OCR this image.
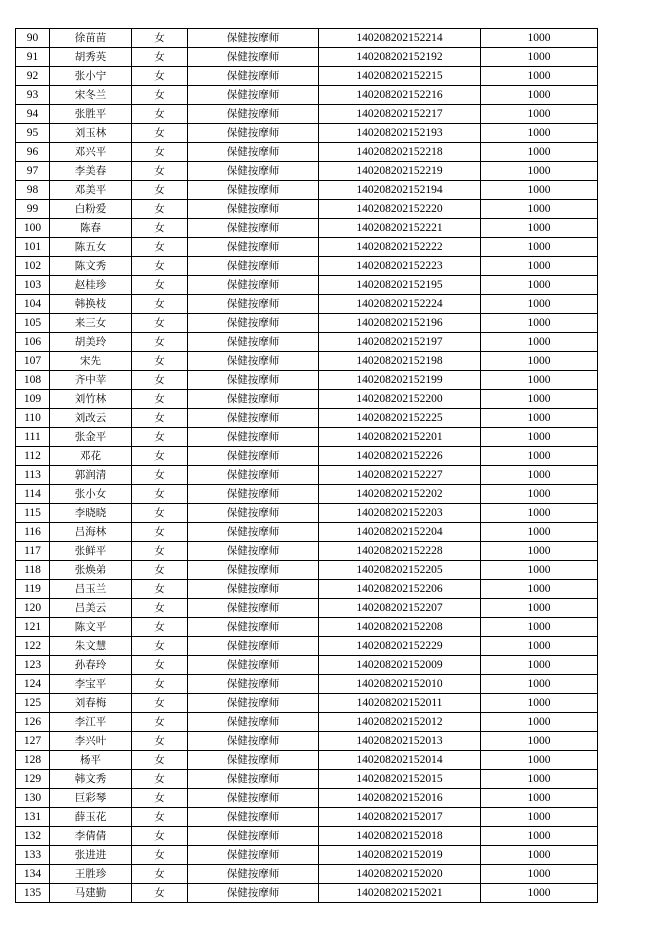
90	徐苗苗	女	保健按摩师	140208202152214	1000
91	胡秀英	女	保健按摩师	140208202152192	1000
92	张小宁	女	保健按摩师	140208202152215	1000
93	宋冬兰	女	保健按摩师	140208202152216	1000
94	张胜平	女	保健按摩师	140208202152217	1000
95	刘玉林	女	保健按摩师	140208202152193	1000
96	邓兴平	女	保健按摩师	140208202152218	1000
97	李美春	女	保健按摩师	140208202152219	1000
98	邓美平	女	保健按摩师	140208202152194	1000
99	白粉爱	女	保健按摩师	140208202152220	1000
100	陈春	女	保健按摩师	140208202152221	1000
101	陈五女	女	保健按摩师	140208202152222	1000
102	陈文秀	女	保健按摩师	140208202152223	1000
103	赵桂珍	女	保健按摩师	140208202152195	1000
104	韩换枝	女	保健按摩师	140208202152224	1000
105	来三女	女	保健按摩师	140208202152196	1000
106	胡美玲	女	保健按摩师	140208202152197	1000
107	宋先	女	保健按摩师	140208202152198	1000
108	齐中苹	女	保健按摩师	140208202152199	1000
109	刘竹林	女	保健按摩师	140208202152200	1000
110	刘改云	女	保健按摩师	140208202152225	1000
111	张金平	女	保健按摩师	140208202152201	1000
112	邓花	女	保健按摩师	140208202152226	1000
113	郭润清	女	保健按摩师	140208202152227	1000
114	张小女	女	保健按摩师	140208202152202	1000
115	李晓晓	女	保健按摩师	140208202152203	1000
116	吕海林	女	保健按摩师	140208202152204	1000
117	张鲜平	女	保健按摩师	140208202152228	1000
118	张焕弟	女	保健按摩师	140208202152205	1000
119	吕玉兰	女	保健按摩师	140208202152206	1000
120	吕美云	女	保健按摩师	140208202152207	1000
121	陈文平	女	保健按摩师	140208202152208	1000
122	朱文慧	女	保健按摩师	140208202152229	1000
123	孙春玲	女	保健按摩师	140208202152009	1000
124	李宝平	女	保健按摩师	140208202152010	1000
125	刘春梅	女	保健按摩师	140208202152011	1000
126	李江平	女	保健按摩师	140208202152012	1000
127	李兴叶	女	保健按摩师	140208202152013	1000
128	杨平	女	保健按摩师	140208202152014	1000
129	韩文秀	女	保健按摩师	140208202152015	1000
130	巨彩琴	女	保健按摩师	140208202152016	1000
131	薛玉花	女	保健按摩师	140208202152017	1000
132	李倩倩	女	保健按摩师	140208202152018	1000
133	张进进	女	保健按摩师	140208202152019	1000
134	王胜珍	女	保健按摩师	140208202152020	1000
135	马建勤	女	保健按摩师	140208202152021	1000
